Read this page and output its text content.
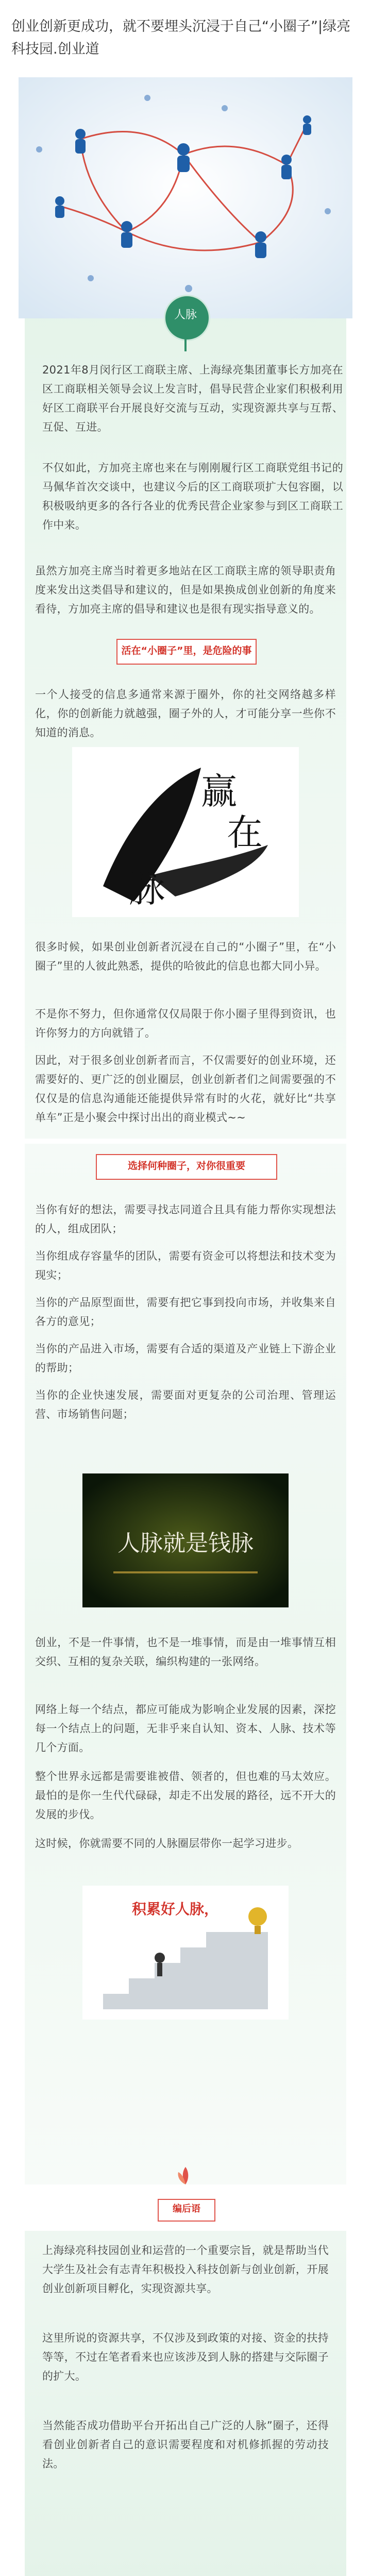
创业创新更成功，就不要埋头沉浸于自己“小圈子”|绿亮科技园.创业道
人脉
2021年8月闵行区工商联主席、上海绿亮集团董事长方加亮在区工商联相关领导会议上发言时，倡导民营企业家们积极利用好区工商联平台开展良好交流与互动，实现资源共享与互帮、互促、互进。
不仅如此，方加亮主席也来在与刚刚履行区工商联党组书记的马佩华首次交谈中，也建议今后的区工商联项扩大包容圈，以积极吸纳更多的各行各业的优秀民营企业家参与到区工商联工作中来。
虽然方加亮主席当时着更多地站在区工商联主席的领导职责角度来发出这类倡导和建议的，但是如果换成创业创新的角度来看待，方加亮主席的倡导和建议也是很有现实指导意义的。
活在“小圈子”里，是危险的事
一个人接受的信息多通常来源于圈外，你的社交网络越多样化，你的创新能力就越强，圈子外的人，才可能分享一些你不知道的消息。
赢
在
脉
很多时候，如果创业创新者沉浸在自己的“小圈子”里，在“小圈子”里的人彼此熟悉，提供的哈彼此的信息也都大同小异。
不是你不努力，但你通常仅仅局限于你小圈子里得到资讯，也许你努力的方向就错了。
因此，对于很多创业创新者而言，不仅需要好的创业环境，还需要好的、更广泛的创业圈层，创业创新者们之间需要强的不仅仅是的信息沟通能还能提供异常有时的火花，就好比“共享单车”正是小聚会中探讨出出的商业模式~~
选择何种圈子，对你很重要
当你有好的想法，需要寻找志同道合且具有能力帮你实现想法的人，组成团队；
当你组成存容量华的团队，需要有资金可以将想法和技术变为现实；
当你的产品原型面世，需要有把它事到投向市场，并收集来自各方的意见；
当你的产品进入市场，需要有合适的渠道及产业链上下游企业的帮助；
当你的企业快速发展，需要面对更复杂的公司治理、管理运营、市场销售问题；
人脉就是钱脉
创业，不是一件事情，也不是一堆事情，而是由一堆事情互相交织、互相的复杂关联，编织构建的一张网络。
网络上每一个结点，都应可能成为影响企业发展的因素，深挖每一个结点上的问题，无非乎来自认知、资本、人脉、技术等几个方面。
整个世界永远都是需要谁被借、领者的，但也难的马太效应。最怕的是你一生代代碌碌，却走不出发展的路径，远不开大的发展的步伐。
这时候，你就需要不同的人脉圈层带你一起学习进步。
积累好人脉，
编后语
上海绿亮科技园创业和运营的一个重要宗旨，就是帮助当代大学生及社会有志青年积极投入科技创新与创业创新，开展创业创新项目孵化，实现资源共享。
这里所说的资源共享，不仅涉及到政策的对接、资金的扶持等等，不过在笔者看来也应该涉及到人脉的搭建与交际圈子的扩大。
当然能否成功借助平台开拓出自己广泛的人脉”圈子，还得看创业创新者自己的意识需要程度和对机修抓握的劳动技法。
